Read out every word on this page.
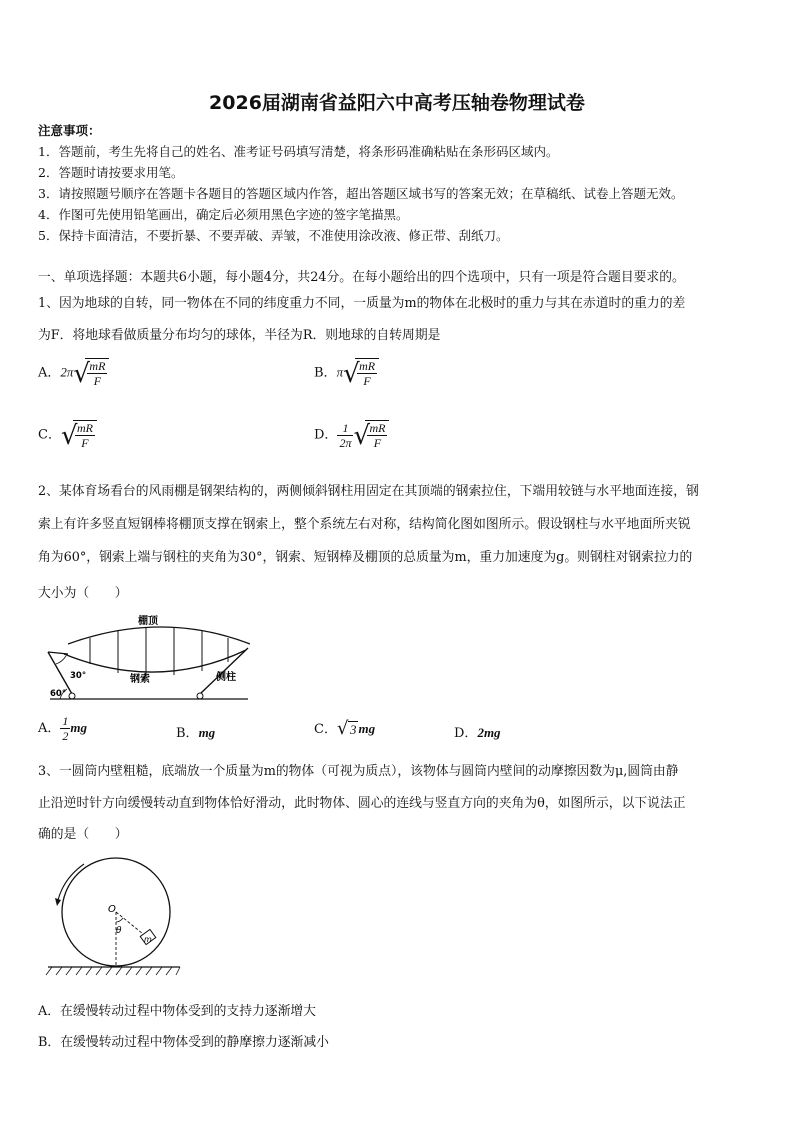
2026届湖南省益阳六中高考压轴卷物理试卷
注意事项：
1．答题前，考生先将自己的姓名、准考证号码填写清楚，将条形码准确粘贴在条形码区域内。
2．答题时请按要求用笔。
3．请按照题号顺序在答题卡各题目的答题区域内作答，超出答题区域书写的答案无效；在草稿纸、试卷上答题无效。
4．作图可先使用铅笔画出，确定后必须用黑色字迹的签字笔描黑。
5．保持卡面清洁，不要折暴、不要弄破、弄皱，不准使用涂改液、修正带、刮纸刀。
一、单项选择题：本题共6小题，每小题4分，共24分。在每小题给出的四个选项中，只有一项是符合题目要求的。
1、因为地球的自转，同一物体在不同的纬度重力不同，一质量为m的物体在北极时的重力与其在赤道时的重力的差
为F．将地球看做质量分布均匀的球体，半径为R．则地球的自转周期是
A．2π √
$\frac{mR}{F}$	B．π √
$\frac{mR}{F}$
C． √
$\frac{mR}{F}$	D． $\frac{1}{2\pi}$ √
$\frac{mR}{F}$
2、某体育场看台的风雨棚是钢架结构的，两侧倾斜钢柱用固定在其顶端的钢索拉住，下端用较链与水平地面连接，钢
索上有许多竖直短钢棒将棚顶支撑在钢索上，整个系统左右对称，结构简化图如图所示。假设钢柱与水平地面所夹锐
角为60°，钢索上端与钢柱的夹角为30°，钢索、短钢棒及棚顶的总质量为m，重力加速度为g。则钢柱对钢索拉力的
大小为（　　）
棚顶
钢索	侧柱
30°
60°
A． $\frac{1}{2}$ mg	B．mg	C． √ 3 mg	D．2mg
3、一圆筒内壁粗糙，底端放一个质量为m的物体（可视为质点），该物体与圆筒内壁间的动摩擦因数为μ,圆筒由静
止沿逆时针方向缓慢转动直到物体恰好滑动，此时物体、圆心的连线与竖直方向的夹角为θ，如图所示，以下说法正
确的是（　　）
O
θ
m
A．在缓慢转动过程中物体受到的支持力逐渐增大
B．在缓慢转动过程中物体受到的静摩擦力逐渐减小
